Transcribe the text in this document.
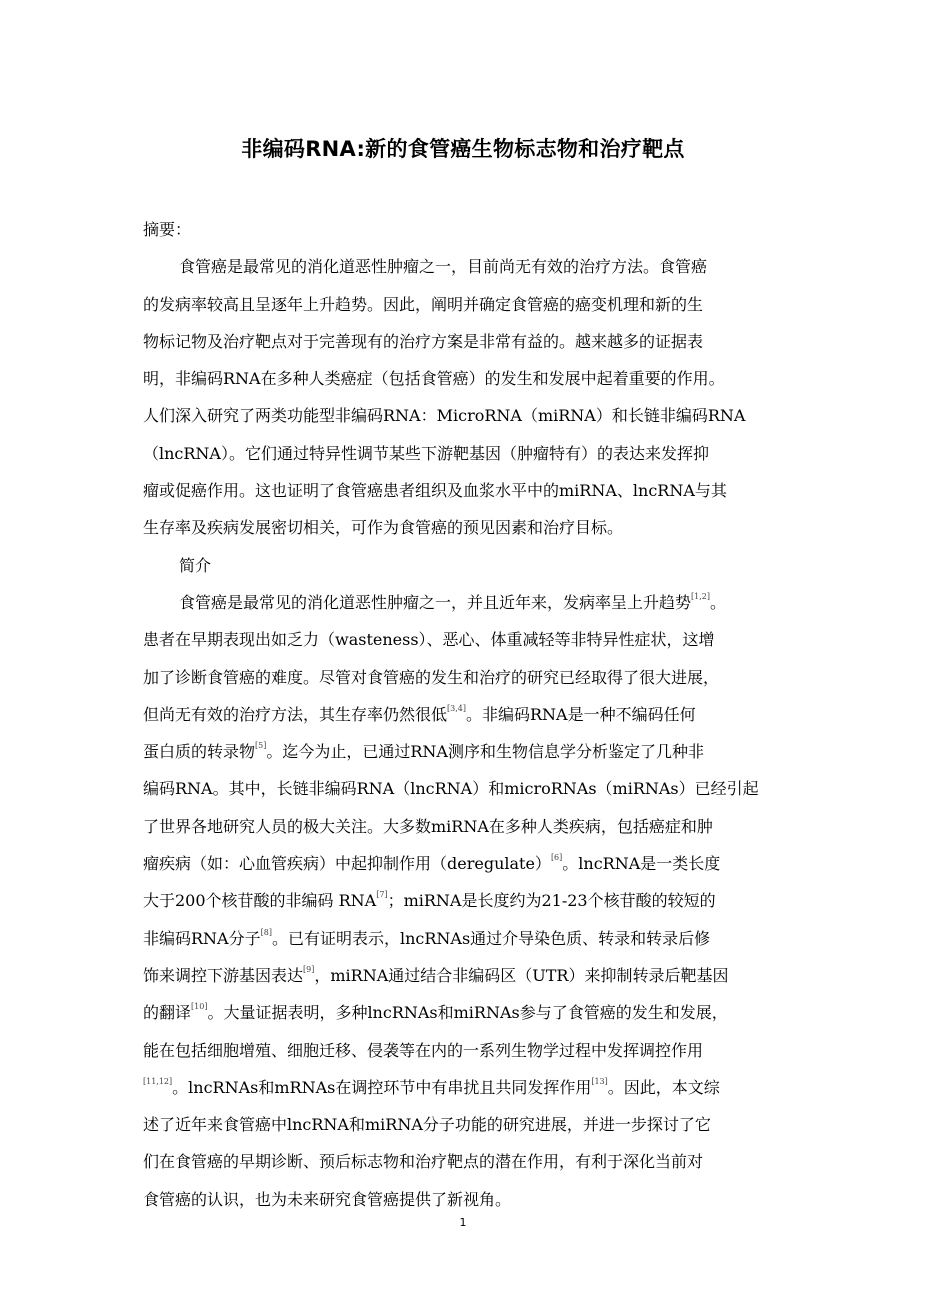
非编码RNA:新的食管癌生物标志物和治疗靶点
摘要：
食管癌是最常见的消化道恶性肿瘤之一，目前尚无有效的治疗方法。食管癌
的发病率较高且呈逐年上升趋势。因此，阐明并确定食管癌的癌变机理和新的生
物标记物及治疗靶点对于完善现有的治疗方案是非常有益的。越来越多的证据表
明，非编码RNA在多种人类癌症（包括食管癌）的发生和发展中起着重要的作用。
人们深入研究了两类功能型非编码RNA：MicroRNA（miRNA）和长链非编码RNA
（lncRNA）。它们通过特异性调节某些下游靶基因（肿瘤特有）的表达来发挥抑
瘤或促癌作用。这也证明了食管癌患者组织及血浆水平中的miRNA、lncRNA与其
生存率及疾病发展密切相关，可作为食管癌的预见因素和治疗目标。
简介
食管癌是最常见的消化道恶性肿瘤之一，并且近年来，发病率呈上升趋势[1,2]。
患者在早期表现出如乏力（wasteness）、恶心、体重减轻等非特异性症状，这增
加了诊断食管癌的难度。尽管对食管癌的发生和治疗的研究已经取得了很大进展，
但尚无有效的治疗方法，其生存率仍然很低[3,4]。非编码RNA是一种不编码任何
蛋白质的转录物[5]。迄今为止，已通过RNA测序和生物信息学分析鉴定了几种非
编码RNA。其中，长链非编码RNA（lncRNA）和microRNAs（miRNAs）已经引起
了世界各地研究人员的极大关注。大多数miRNA在多种人类疾病，包括癌症和肿
瘤疾病（如：心血管疾病）中起抑制作用（deregulate）[6]。lncRNA是一类长度
大于200个核苷酸的非编码 RNA[7]；miRNA是长度约为21-23个核苷酸的较短的
非编码RNA分子[8]。已有证明表示，lncRNAs通过介导染色质、转录和转录后修
饰来调控下游基因表达[9]，miRNA通过结合非编码区（UTR）来抑制转录后靶基因
的翻译[10]。大量证据表明，多种lncRNAs和miRNAs参与了食管癌的发生和发展，
能在包括细胞增殖、细胞迁移、侵袭等在内的一系列生物学过程中发挥调控作用
[11,12]。lncRNAs和mRNAs在调控环节中有串扰且共同发挥作用[13]。因此，本文综
述了近年来食管癌中lncRNA和miRNA分子功能的研究进展，并进一步探讨了它
们在食管癌的早期诊断、预后标志物和治疗靶点的潜在作用，有利于深化当前对
食管癌的认识，也为未来研究食管癌提供了新视角。
1
